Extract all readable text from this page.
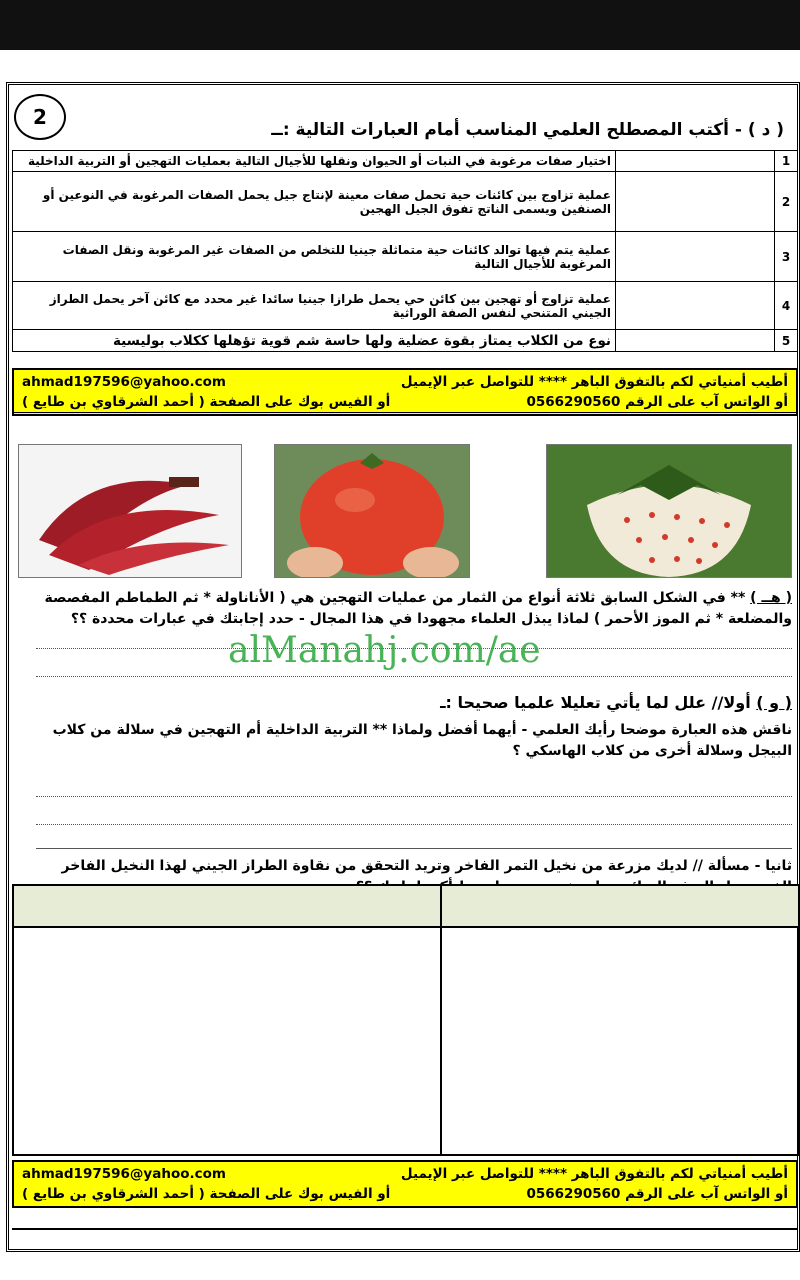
2
( د ) - أكتب المصطلح العلمي المناسب أمام العبارات التالية :ــ
1		اختيار صفات مرغوبة في النبات أو الحيوان ونقلها للأجيال التالية بعمليات التهجين أو التربية الداخلية
2		عملية تزاوج بين كائنات حية تحمل صفات معينة لإنتاج جيل يحمل الصفات المرغوبة في النوعين أو الصنفين ويسمى الناتج تفوق الجيل الهجين
3		عملية يتم فيها توالد كائنات حية متماثلة جينيا للتخلص من الصفات غير المرغوبة ونقل الصفات المرغوبة للأجيال التالية
4		عملية تزاوج أو تهجين بين كائن حي يحمل طرازا جينيا سائدا غير محدد مع كائن آخر يحمل الطراز الجيني المتنحي لنفس الصفة الوراثية
5		نوع من الكلاب يمتاز بقوة عضلية ولها حاسة شم قوية تؤهلها ككلاب بوليسية
أطيب أمنياتي لكم بالتفوق الباهر **** للتواصل عبر الإيميل
ahmad197596@yahoo.com
أو الواتس آب على الرقم 0566290560
أو الفيس بوك على الصفحة ( أحمد الشرقاوي بن طايع )
( هــ ) ** في الشكل السابق ثلاثة أنواع من الثمار من عمليات التهجين هي ( الأناناولة * ثم الطماطم المفصصة
والمضلعة * ثم الموز الأحمر ) لماذا يبذل العلماء مجهودا في هذا المجال - حدد إجابتك في عبارات محددة ؟؟
alManahj.com/ae
( و ) أولا// علل لما يأتي تعليلا علميا صحيحا :ـ
ناقش هذه العبارة موضحا رأيك العلمي - أيهما أفضل ولماذا ** التربية الداخلية أم التهجين في سلالة من كلاب
البيجل وسلالة أخرى من كلاب الهاسكي ؟
ثانيا - مسألة // لديك مزرعة من نخيل التمر الفاخر وتريد التحقق من نقاوة الطراز الجيني لهذا النخيل الفاخر
أطيب أمنياتي لكم بالتفوق الباهر **** للتواصل عبر الإيميل
ahmad197596@yahoo.com
أو الواتس آب على الرقم 0566290560
أو الفيس بوك على الصفحة ( أحمد الشرقاوي بن طايع )
